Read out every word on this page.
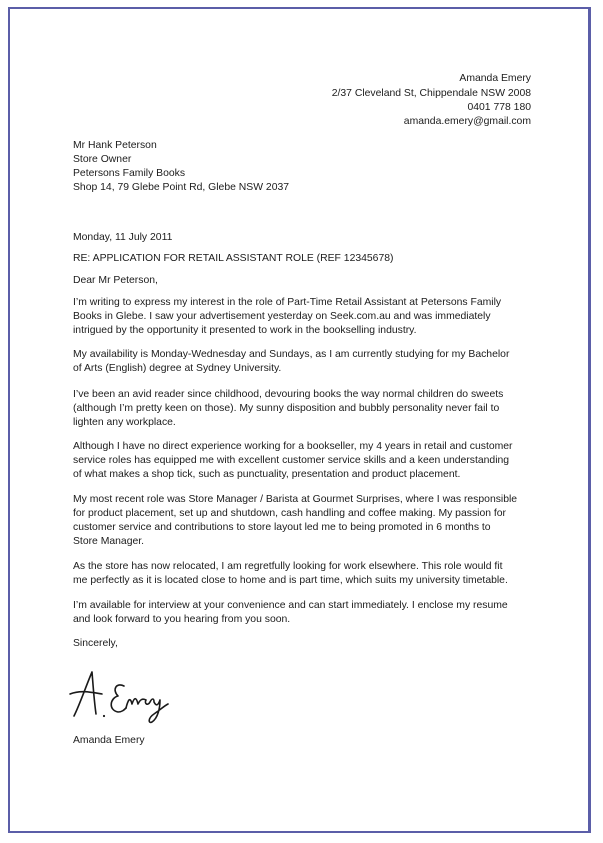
Amanda Emery
2/37 Cleveland St, Chippendale NSW 2008
0401 778 180
amanda.emery@gmail.com
Mr Hank Peterson
Store Owner
Petersons Family Books
Shop 14, 79 Glebe Point Rd, Glebe NSW 2037
Monday, 11 July 2011
RE: APPLICATION FOR RETAIL ASSISTANT ROLE (REF 12345678)
Dear Mr Peterson,
I’m writing to express my interest in the role of Part-Time Retail Assistant at Petersons Family
Books in Glebe. I saw your advertisement yesterday on Seek.com.au and was immediately
intrigued by the opportunity it presented to work in the bookselling industry.
My availability is Monday-Wednesday and Sundays, as I am currently studying for my Bachelor
of Arts (English) degree at Sydney University.
I’ve been an avid reader since childhood, devouring books the way normal children do sweets
(although I’m pretty keen on those). My sunny disposition and bubbly personality never fail to
lighten any workplace.
Although I have no direct experience working for a bookseller, my 4 years in retail and customer
service roles has equipped me with excellent customer service skills and a keen understanding
of what makes a shop tick, such as punctuality, presentation and product placement.
My most recent role was Store Manager / Barista at Gourmet Surprises, where I was responsible
for product placement, set up and shutdown, cash handling and coffee making. My passion for
customer service and contributions to store layout led me to being promoted in 6 months to
Store Manager.
As the store has now relocated, I am regretfully looking for work elsewhere. This role would fit
me perfectly as it is located close to home and is part time, which suits my university timetable.
I’m available for interview at your convenience and can start immediately. I enclose my resume
and look forward to you hearing from you soon.
Sincerely,
Amanda Emery
